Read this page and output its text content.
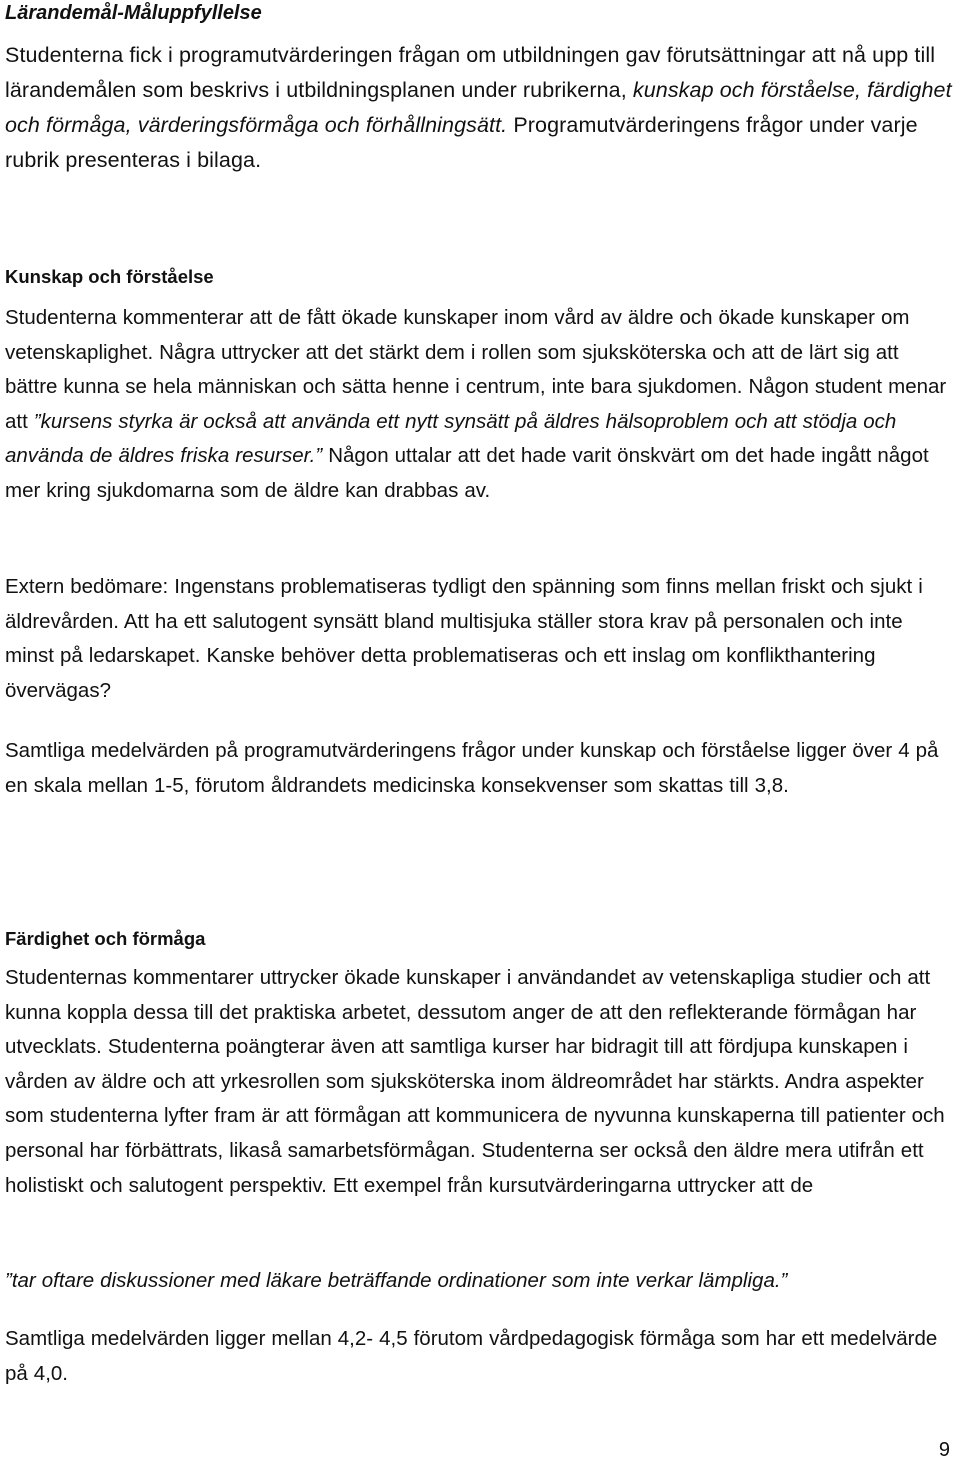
Lärandemål-Måluppfyllelse

Studenterna fick i programutvärderingen frågan om utbildningen gav förutsättningar att nå upp till lärandemålen som beskrivs i utbildningsplanen under rubrikerna, kunskap och förståelse, färdighet och förmåga, värderingsförmåga och förhållningsätt. Programutvärderingens frågor under varje rubrik presenteras i bilaga.

Kunskap och förståelse

Studenterna kommenterar att de fått ökade kunskaper inom vård av äldre och ökade kunskaper om vetenskaplighet. Några uttrycker att det stärkt dem i rollen som sjuksköterska och att de lärt sig att bättre kunna se hela människan och sätta henne i centrum, inte bara sjukdomen. Någon student menar att ”kursens styrka är också att använda ett nytt synsätt på äldres hälsoproblem och att stödja och använda de äldres friska resurser.” Någon uttalar att det hade varit önskvärt om det hade ingått något mer kring sjukdomarna som de äldre kan drabbas av.

Extern bedömare: Ingenstans problematiseras tydligt den spänning som finns mellan friskt och sjukt i äldrevården. Att ha ett salutogent synsätt bland multisjuka ställer stora krav på personalen och inte minst på ledarskapet. Kanske behöver detta problematiseras och ett inslag om konflikthantering övervägas?

Samtliga medelvärden på programutvärderingens frågor under kunskap och förståelse ligger över 4 på en skala mellan 1-5, förutom åldrandets medicinska konsekvenser som skattas till 3,8.

Färdighet och förmåga

Studenternas kommentarer uttrycker ökade kunskaper i användandet av vetenskapliga studier och att kunna koppla dessa till det praktiska arbetet, dessutom anger de att den reflekterande förmågan har utvecklats. Studenterna poängterar även att samtliga kurser har bidragit till att fördjupa kunskapen i vården av äldre och att yrkesrollen som sjuksköterska inom äldreområdet har stärkts. Andra aspekter som studenterna lyfter fram är att förmågan att kommunicera de nyvunna kunskaperna till patienter och personal har förbättrats, likaså samarbetsförmågan. Studenterna ser också den äldre mera utifrån ett holistiskt och salutogent perspektiv. Ett exempel från kursutvärderingarna uttrycker att de

”tar oftare diskussioner med läkare beträffande ordinationer som inte verkar lämpliga.”

Samtliga medelvärden ligger mellan 4,2- 4,5 förutom vårdpedagogisk förmåga som har ett medelvärde på 4,0.

9
